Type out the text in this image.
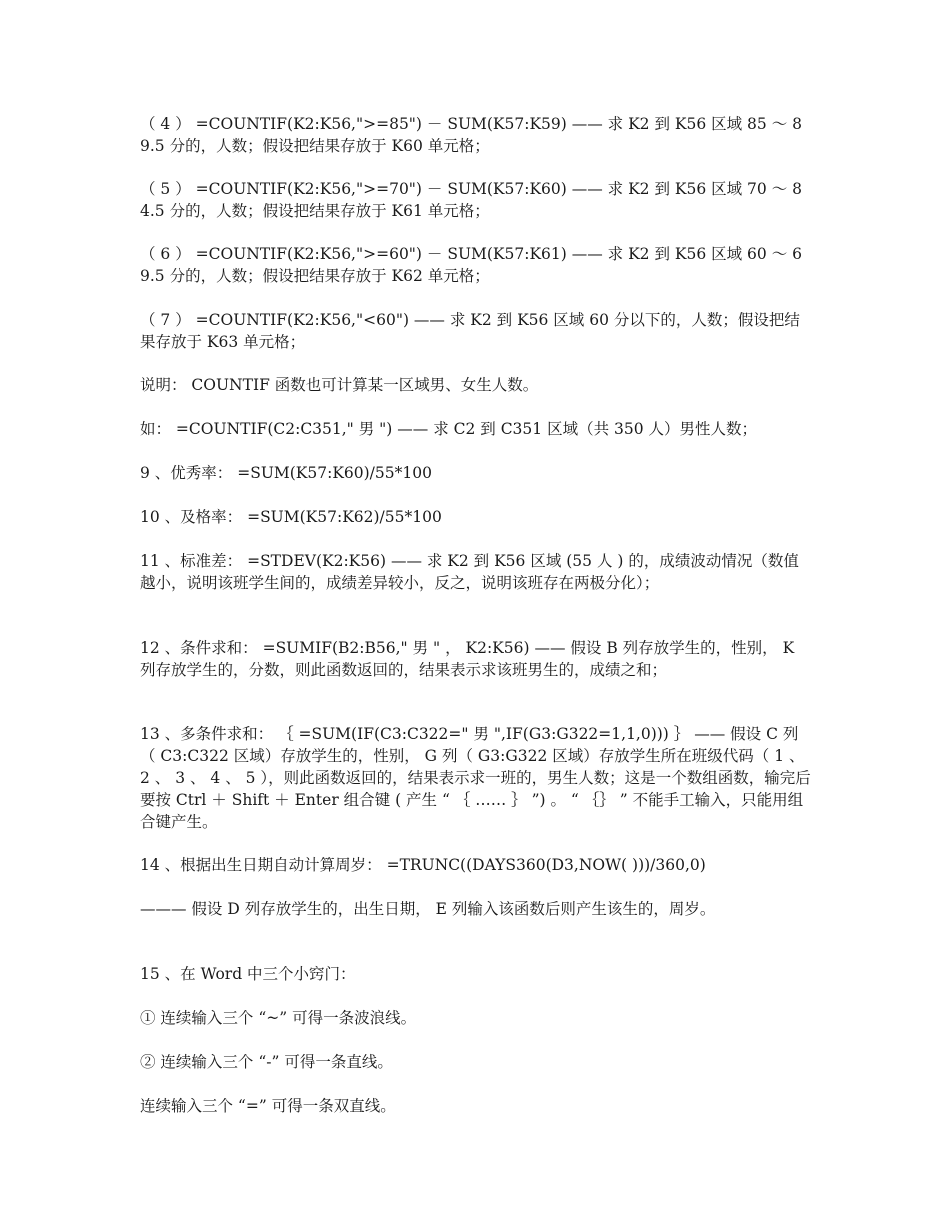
（ 4 ） =COUNTIF(K2:K56,">=85") － SUM(K57:K59) —— 求 K2 到 K56 区域 85 ～ 89.5 分的，人数；假设把结果存放于 K60 单元格；

（ 5 ） =COUNTIF(K2:K56,">=70") － SUM(K57:K60) —— 求 K2 到 K56 区域 70 ～ 84.5 分的，人数；假设把结果存放于 K61 单元格；

（ 6 ） =COUNTIF(K2:K56,">=60") － SUM(K57:K61) —— 求 K2 到 K56 区域 60 ～ 69.5 分的，人数；假设把结果存放于 K62 单元格；

（ 7 ） =COUNTIF(K2:K56,"<60") —— 求 K2 到 K56 区域 60 分以下的，人数；假设把结果存放于 K63 单元格；

说明： COUNTIF 函数也可计算某一区域男、女生人数。

如： =COUNTIF(C2:C351," 男 ") —— 求 C2 到 C351 区域（共 350 人）男性人数；

9 、优秀率： =SUM(K57:K60)/55*100

10 、及格率： =SUM(K57:K62)/55*100

11 、标准差： =STDEV(K2:K56) —— 求 K2 到 K56 区域 (55 人 ) 的，成绩波动情况（数值越小，说明该班学生间的，成绩差异较小，反之，说明该班存在两极分化）；

12 、条件求和： =SUMIF(B2:B56," 男 " ， K2:K56) —— 假设 B 列存放学生的，性别， K 列存放学生的，分数，则此函数返回的，结果表示求该班男生的，成绩之和；

13 、多条件求和： ｛ =SUM(IF(C3:C322=" 男 ",IF(G3:G322=1,1,0))) ｝ —— 假设 C 列（ C3:C322 区域）存放学生的，性别， G 列（ G3:G322 区域）存放学生所在班级代码（ 1 、 2 、 3 、 4 、 5 ），则此函数返回的，结果表示求一班的，男生人数；这是一个数组函数，输完后要按 Ctrl ＋ Shift ＋ Enter 组合键 ( 产生 “ ｛ …… ｝ ”) 。 “ ｛｝ ” 不能手工输入，只能用组合键产生。

14 、根据出生日期自动计算周岁： =TRUNC((DAYS360(D3,NOW( )))/360,0)

——— 假设 D 列存放学生的，出生日期， E 列输入该函数后则产生该生的，周岁。

15 、在 Word 中三个小窍门：

① 连续输入三个 “~” 可得一条波浪线。

② 连续输入三个 “-” 可得一条直线。

连续输入三个 “=” 可得一条双直线。
